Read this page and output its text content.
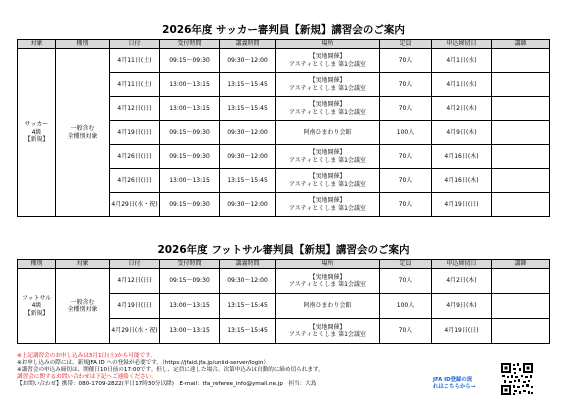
2026年度 サッカー審判員【新規】講習会のご案内
対象	種別	日付	受付時間	講義時間	場所	定員	申込締切日	講師

サッカー
4級
【新規】	一般含む
全種別対象	4月11日(土)	09:15～09:30	09:30～12:00	【実地開催】
アスティとくしま 第1会議室	70人	4月1日(水)	
		4月11日(土)	13:00～13:15	13:15～15:45	【実地開催】
アスティとくしま 第1会議室	70人	4月1日(水)	
		4月12日(日)	13:00～13:15	13:15～15:45	【実地開催】
アスティとくしま 第1会議室	70人	4月2日(木)	
		4月19日(日)	09:15～09:30	09:30～12:00	阿南ひまわり会館	100人	4月9日(木)	
		4月26日(日)	09:15～09:30	09:30～12:00	【実地開催】
アスティとくしま 第1会議室	70人	4月16日(木)	
		4月26日(日)	13:00～13:15	13:15～15:45	【実地開催】
アスティとくしま 第1会議室	70人	4月16日(木)	
		4月29日(水・祝)	09:15～09:30	09:30～12:00	【実地開催】
アスティとくしま 第1会議室	70人	4月19日(日)	
2026年度 フットサル審判員【新規】講習会のご案内
種別	対象	日付	受付時間	講義時間	場所	定員	申込締切日	講師

フットサル
4級
【新規】	一般含む
全種別対象	4月12日(日)	09:15～09:30	09:30～12:00	【実地開催】
アスティとくしま 第1会議室	70人	4月2日(木)	
		4月19日(日)	13:00～13:15	13:15～15:45	阿南ひまわり会館	100人	4月9日(木)	
		4月29日(水・祝)	13:00～13:15	13:15～15:45	【実地開催】
アスティとくしま 第1会議室	70人	4月19日(日)	
※上記講習会のお申し込みは3月1日(土)から可能です。
※お申し込みの際には、新規JFA ID への登録が必要です。（https://jfaid.jfa.jp/uniid-server/login）
※講習会の申込み締切は、開催日10日前の17:00です。但し、定員に達した場合、次第申込みは自動的に締め切られます。
講習会に関するお問い合わせは下記へご連絡ください。
【お問い合わせ】携帯：080-1709-2822(平日17時30分以降)　E-mail：tfa_referee_info@ymail.ne.jp　担当：大島
JFA ID登録の流
れはこちらから→
